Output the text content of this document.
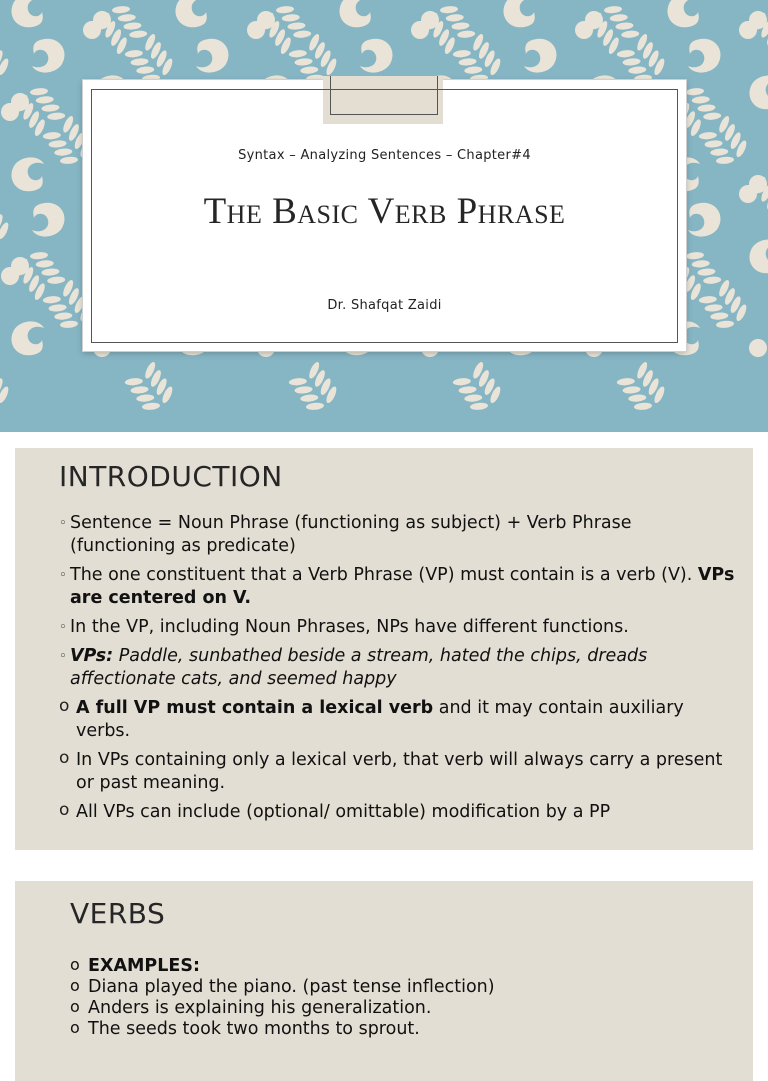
Syntax – Analyzing Sentences – Chapter#4
The Basic Verb Phrase
Dr. Shafqat Zaidi
INTRODUCTION
◦ Sentence = Noun Phrase (functioning as subject) + Verb Phrase (functioning as predicate)
◦ The one constituent that a Verb Phrase (VP) must contain is a verb (V). VPs are centered on V.
◦ In the VP, including Noun Phrases, NPs have different functions.
◦ VPs: Paddle, sunbathed beside a stream, hated the chips, dreads affectionate cats, and seemed happy
o A full VP must contain a lexical verb and it may contain auxiliary verbs.
o In VPs containing only a lexical verb, that verb will always carry a present or past meaning.
o All VPs can include (optional/ omittable) modification by a PP
VERBS
o EXAMPLES:
o Diana played the piano. (past tense inflection)
o Anders is explaining his generalization.
o The seeds took two months to sprout.
